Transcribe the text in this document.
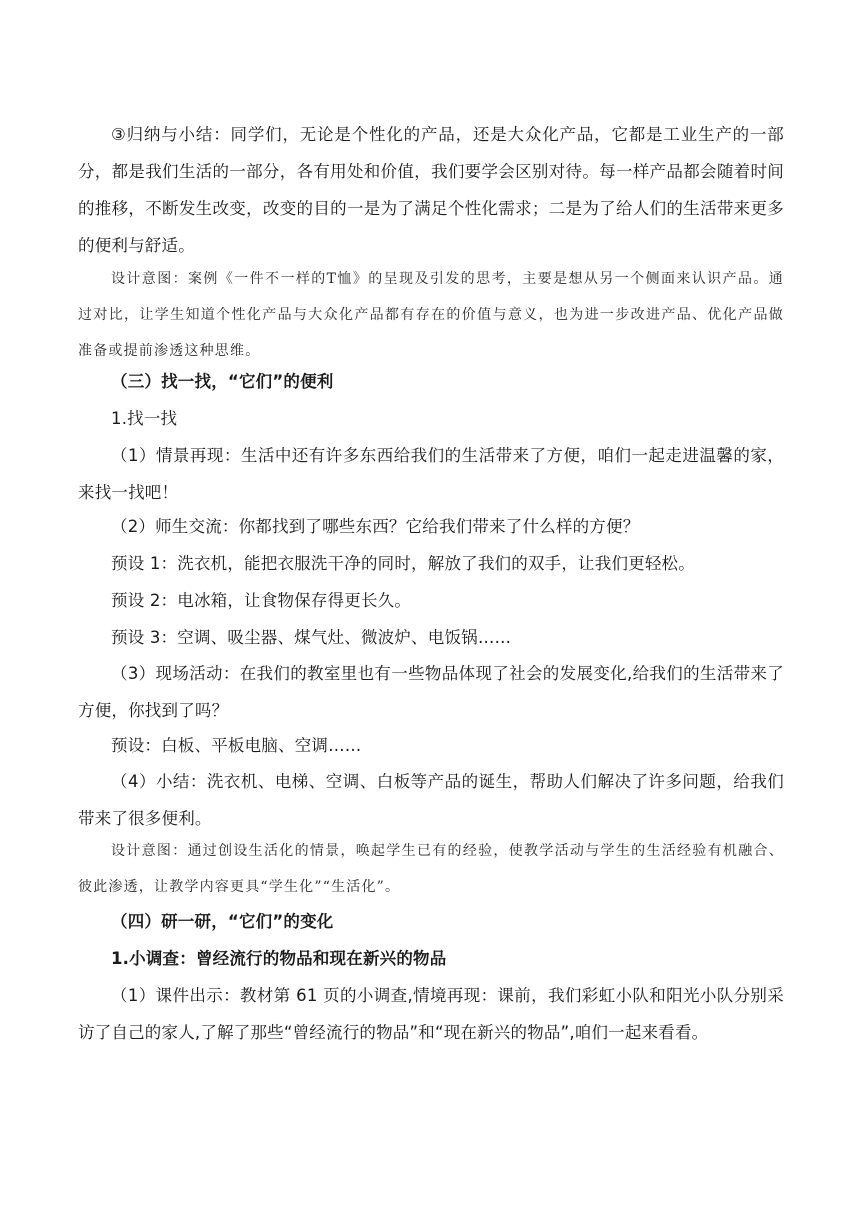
③归纳与小结：同学们，无论是个性化的产品，还是大众化产品，它都是工业生产的一部分，都是我们生活的一部分，各有用处和价值，我们要学会区别对待。每一样产品都会随着时间的推移，不断发生改变，改变的目的一是为了满足个性化需求；二是为了给人们的生活带来更多的便利与舒适。

设计意图：案例《一件不一样的T恤》的呈现及引发的思考，主要是想从另一个侧面来认识产品。通过对比，让学生知道个性化产品与大众化产品都有存在的价值与意义，也为进一步改进产品、优化产品做准备或提前渗透这种思维。

（三）找一找，“它们”的便利

1.找一找

（1）情景再现：生活中还有许多东西给我们的生活带来了方便，咱们一起走进温馨的家，来找一找吧！

（2）师生交流：你都找到了哪些东西？它给我们带来了什么样的方便？

预设 1：洗衣机，能把衣服洗干净的同时，解放了我们的双手，让我们更轻松。

预设 2：电冰箱，让食物保存得更长久。

预设 3：空调、吸尘器、煤气灶、微波炉、电饭锅……

（3）现场活动：在我们的教室里也有一些物品体现了社会的发展变化,给我们的生活带来了方便，你找到了吗？

预设：白板、平板电脑、空调……

（4）小结：洗衣机、电梯、空调、白板等产品的诞生，帮助人们解决了许多问题，给我们带来了很多便利。

设计意图：通过创设生活化的情景，唤起学生已有的经验，使教学活动与学生的生活经验有机融合、彼此渗透，让教学内容更具“学生化”“生活化”。

（四）研一研，“它们”的变化

1.小调查：曾经流行的物品和现在新兴的物品

（1）课件出示：教材第 61 页的小调查,情境再现：课前，我们彩虹小队和阳光小队分别采访了自己的家人,了解了那些“曾经流行的物品”和“现在新兴的物品”,咱们一起来看看。
